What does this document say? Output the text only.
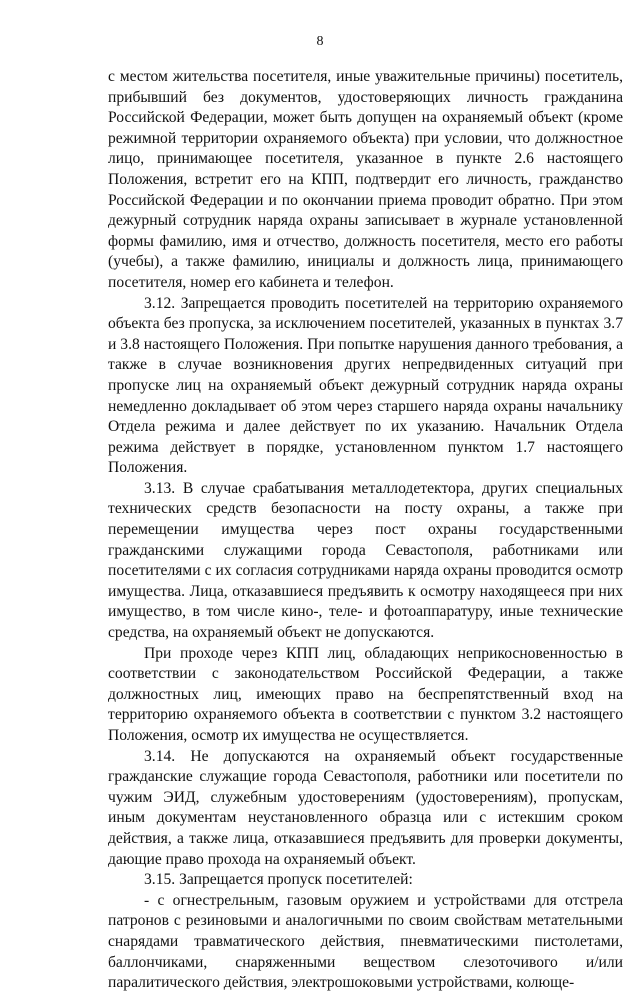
8

с местом жительства посетителя, иные уважительные причины) посетитель, прибывший без документов, удостоверяющих личность гражданина Российской Федерации, может быть допущен на охраняемый объект (кроме режимной территории охраняемого объекта) при условии, что должностное лицо, принимающее посетителя, указанное в пункте 2.6 настоящего Положения, встретит его на КПП, подтвердит его личность, гражданство Российской Федерации и по окончании приема проводит обратно. При этом дежурный сотрудник наряда охраны записывает в журнале установленной формы фамилию, имя и отчество, должность посетителя, место его работы (учебы), а также фамилию, инициалы и должность лица, принимающего посетителя, номер его кабинета и телефон.

3.12. Запрещается проводить посетителей на территорию охраняемого объекта без пропуска, за исключением посетителей, указанных в пунктах 3.7 и 3.8 настоящего Положения. При попытке нарушения данного требования, а также в случае возникновения других непредвиденных ситуаций при пропуске лиц на охраняемый объект дежурный сотрудник наряда охраны немедленно докладывает об этом через старшего наряда охраны начальнику Отдела режима и далее действует по их указанию. Начальник Отдела режима действует в порядке, установленном пунктом 1.7 настоящего Положения.

3.13. В случае срабатывания металлодетектора, других специальных технических средств безопасности на посту охраны, а также при перемещении имущества через пост охраны государственными гражданскими служащими города Севастополя, работниками или посетителями с их согласия сотрудниками наряда охраны проводится осмотр имущества. Лица, отказавшиеся предъявить к осмотру находящееся при них имущество, в том числе кино-, теле- и фотоаппаратуру, иные технические средства, на охраняемый объект не допускаются.

При проходе через КПП лиц, обладающих неприкосновенностью в соответствии с законодательством Российской Федерации, а также должностных лиц, имеющих право на беспрепятственный вход на территорию охраняемого объекта в соответствии с пунктом 3.2 настоящего Положения, осмотр их имущества не осуществляется.

3.14. Не допускаются на охраняемый объект государственные гражданские служащие города Севастополя, работники или посетители по чужим ЭИД, служебным удостоверениям (удостоверениям), пропускам, иным документам неустановленного образца или с истекшим сроком действия, а также лица, отказавшиеся предъявить для проверки документы, дающие право прохода на охраняемый объект.

3.15. Запрещается пропуск посетителей:

- с огнестрельным, газовым оружием и устройствами для отстрела патронов с резиновыми и аналогичными по своим свойствам метательными снарядами травматического действия, пневматическими пистолетами, баллончиками, снаряженными веществом слезоточивого и/или паралитического действия, электрошоковыми устройствами, колюще-
